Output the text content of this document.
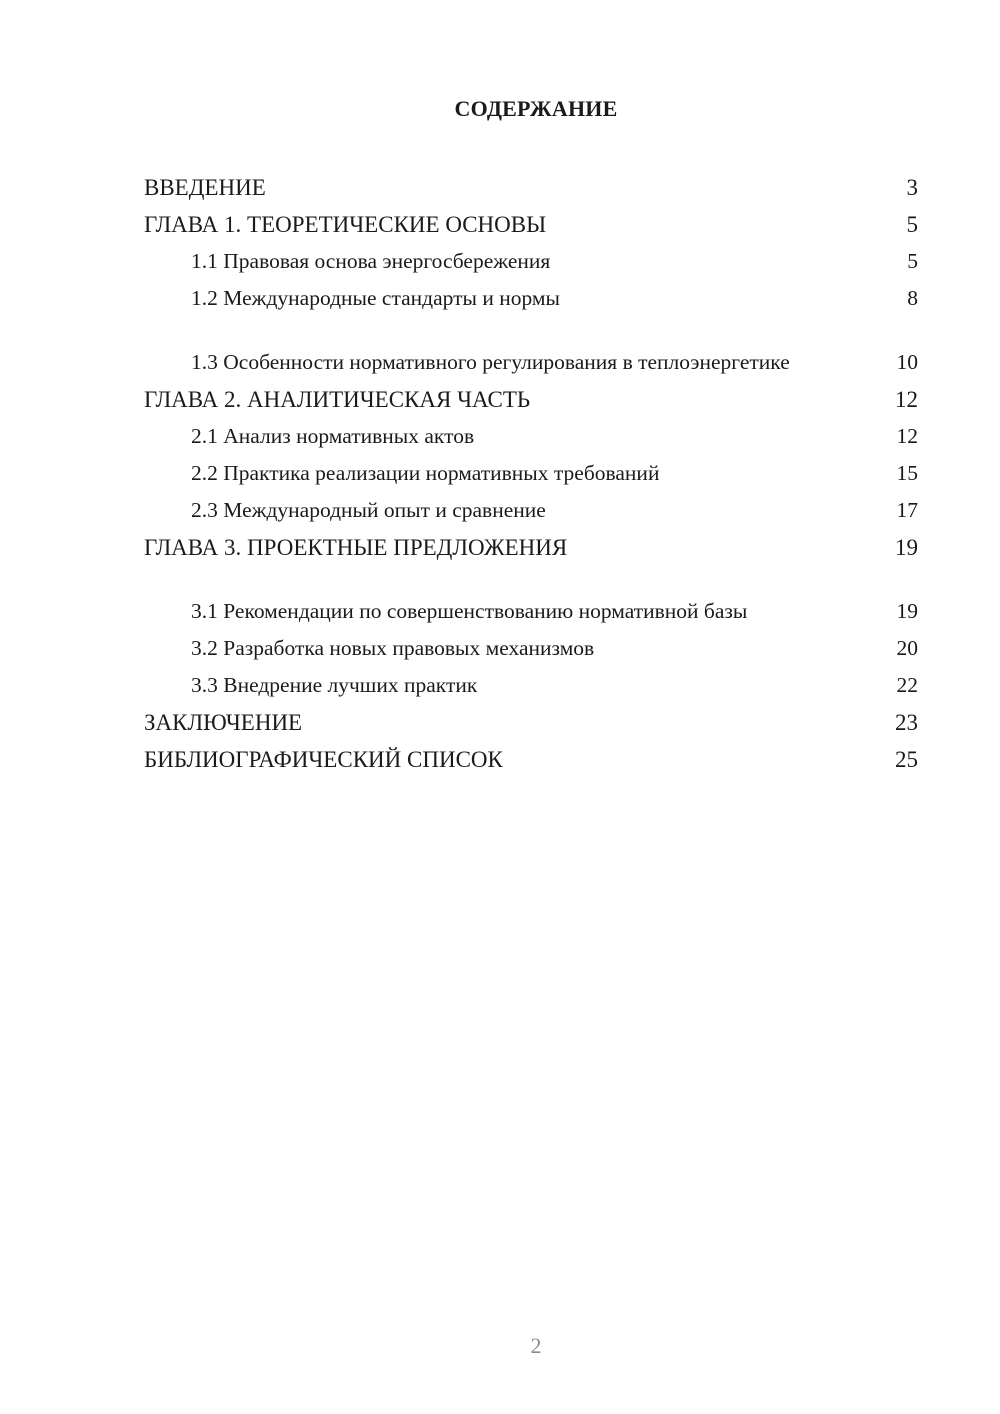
СОДЕРЖАНИЕ
ВВЕДЕНИЕ	3
ГЛАВА 1. ТЕОРЕТИЧЕСКИЕ ОСНОВЫ	5
1.1 Правовая основа энергосбережения	5
1.2 Международные стандарты и нормы	8
1.3 Особенности нормативного регулирования в теплоэнергетике	10
ГЛАВА 2. АНАЛИТИЧЕСКАЯ ЧАСТЬ	12
2.1 Анализ нормативных актов	12
2.2 Практика реализации нормативных требований	15
2.3 Международный опыт и сравнение	17
ГЛАВА 3. ПРОЕКТНЫЕ ПРЕДЛОЖЕНИЯ	19
3.1 Рекомендации по совершенствованию нормативной базы	19
3.2 Разработка новых правовых механизмов	20
3.3 Внедрение лучших практик	22
ЗАКЛЮЧЕНИЕ	23
БИБЛИОГРАФИЧЕСКИЙ СПИСОК	25
2
